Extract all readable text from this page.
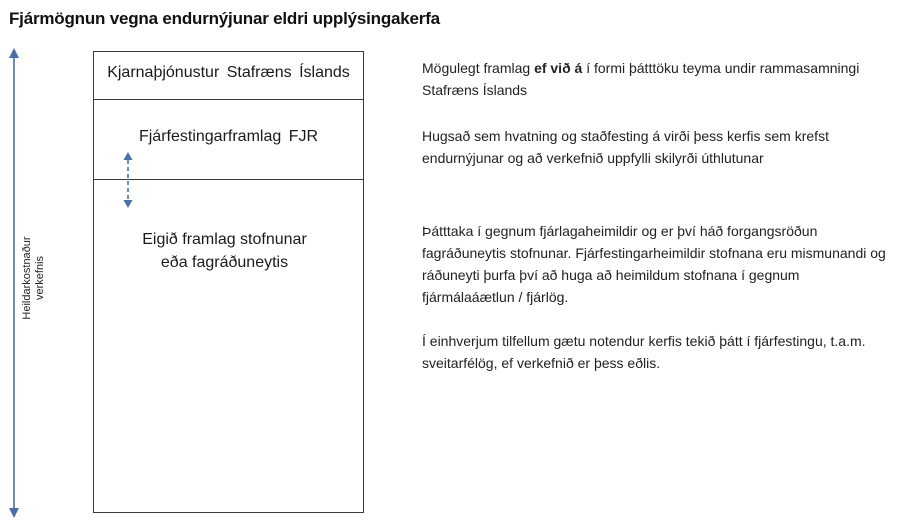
Fjármögnun vegna endurnýjunar eldri upplýsingakerfa
Heildarkostnaður verkefnis
Kjarnaþjónustur Stafræns Íslands
Fjárfestingarframlag FJR
Eigið framlag stofnunar
eða fagráðuneytis
Mögulegt framlag ef við á í formi þátttöku teyma undir rammasamningi Stafræns Íslands
Hugsað sem hvatning og staðfesting á virði þess kerfis sem krefst endurnýjunar og að verkefnið uppfylli skilyrði úthlutunar
Þátttaka í gegnum fjárlagaheimildir og er því háð forgangsröðun fagráðuneytis stofnunar. Fjárfestingarheimildir stofnana eru mismunandi og ráðuneyti þurfa því að huga að heimildum stofnana í gegnum fjármálaáætlun / fjárlög.
Í einhverjum tilfellum gætu notendur kerfis tekið þátt í fjárfestingu, t.a.m. sveitarfélög, ef verkefnið er þess eðlis.
